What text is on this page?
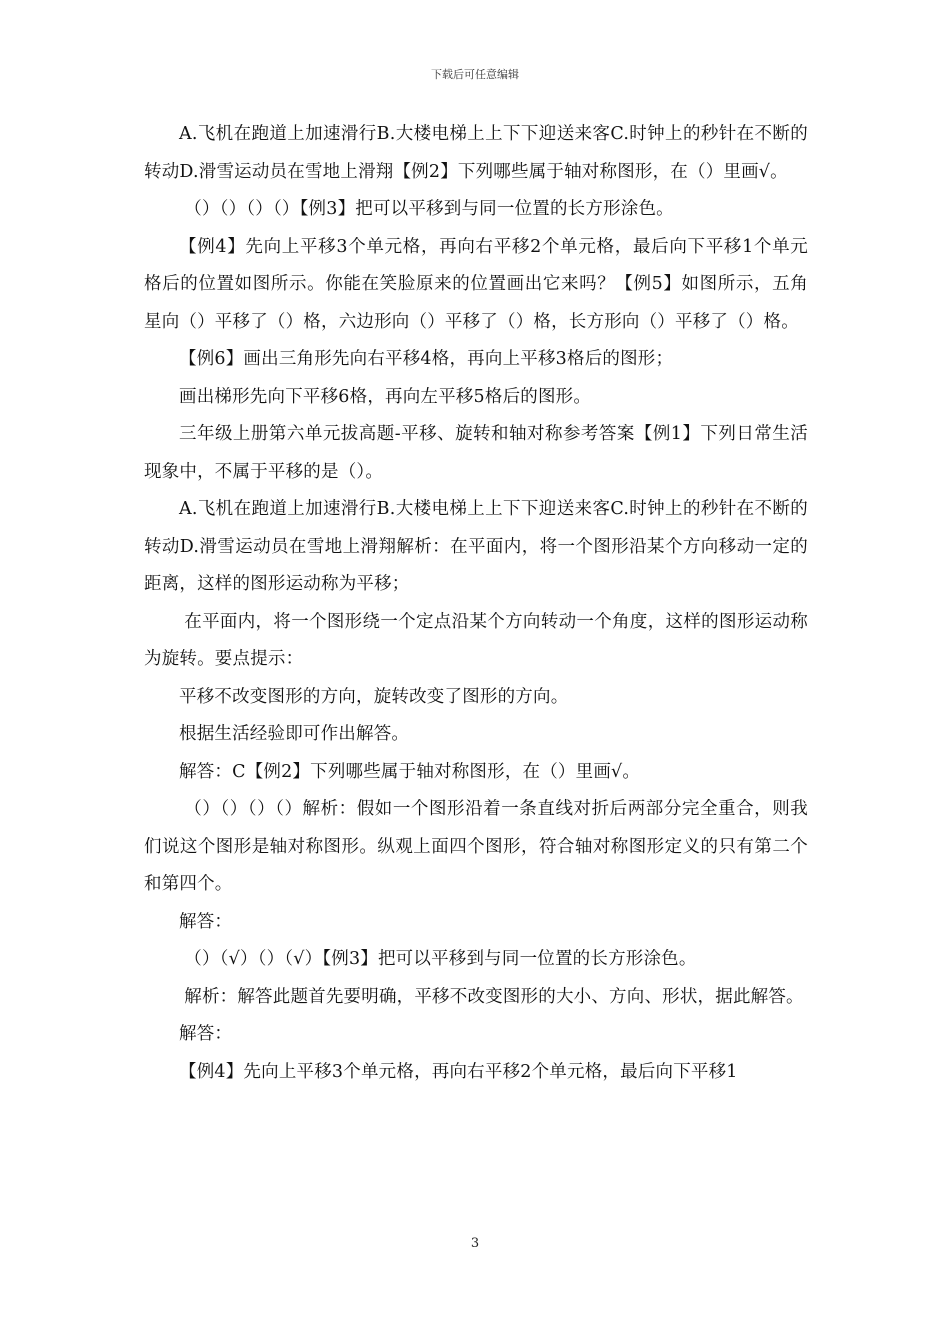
下载后可任意编辑

A.飞机在跑道上加速滑行B.大楼电梯上上下下迎送来客C.时钟上的秒针在不断的转动D.滑雪运动员在雪地上滑翔【例2】下列哪些属于轴对称图形，在（）里画√。

（）（）（）（）【例3】把可以平移到与同一位置的长方形涂色。

【例4】先向上平移3个单元格，再向右平移2个单元格，最后向下平移1个单元格后的位置如图所示。你能在笑脸原来的位置画出它来吗？【例5】如图所示，五角星向（）平移了（）格，六边形向（）平移了（）格，长方形向（）平移了（）格。

【例6】画出三角形先向右平移4格，再向上平移3格后的图形；

画出梯形先向下平移6格，再向左平移5格后的图形。

三年级上册第六单元拔高题-平移、旋转和轴对称参考答案【例1】下列日常生活现象中，不属于平移的是（）。

A.飞机在跑道上加速滑行B.大楼电梯上上下下迎送来客C.时钟上的秒针在不断的转动D.滑雪运动员在雪地上滑翔解析：在平面内，将一个图形沿某个方向移动一定的距离，这样的图形运动称为平移；

在平面内，将一个图形绕一个定点沿某个方向转动一个角度，这样的图形运动称为旋转。要点提示：

平移不改变图形的方向，旋转改变了图形的方向。

根据生活经验即可作出解答。

解答：C【例2】下列哪些属于轴对称图形，在（）里画√。

（）（）（）（）解析：假如一个图形沿着一条直线对折后两部分完全重合，则我们说这个图形是轴对称图形。纵观上面四个图形，符合轴对称图形定义的只有第二个和第四个。

解答：

（）（√）（）（√）【例3】把可以平移到与同一位置的长方形涂色。

解析：解答此题首先要明确，平移不改变图形的大小、方向、形状，据此解答。

解答：

【例4】先向上平移3个单元格，再向右平移2个单元格，最后向下平移1

3
